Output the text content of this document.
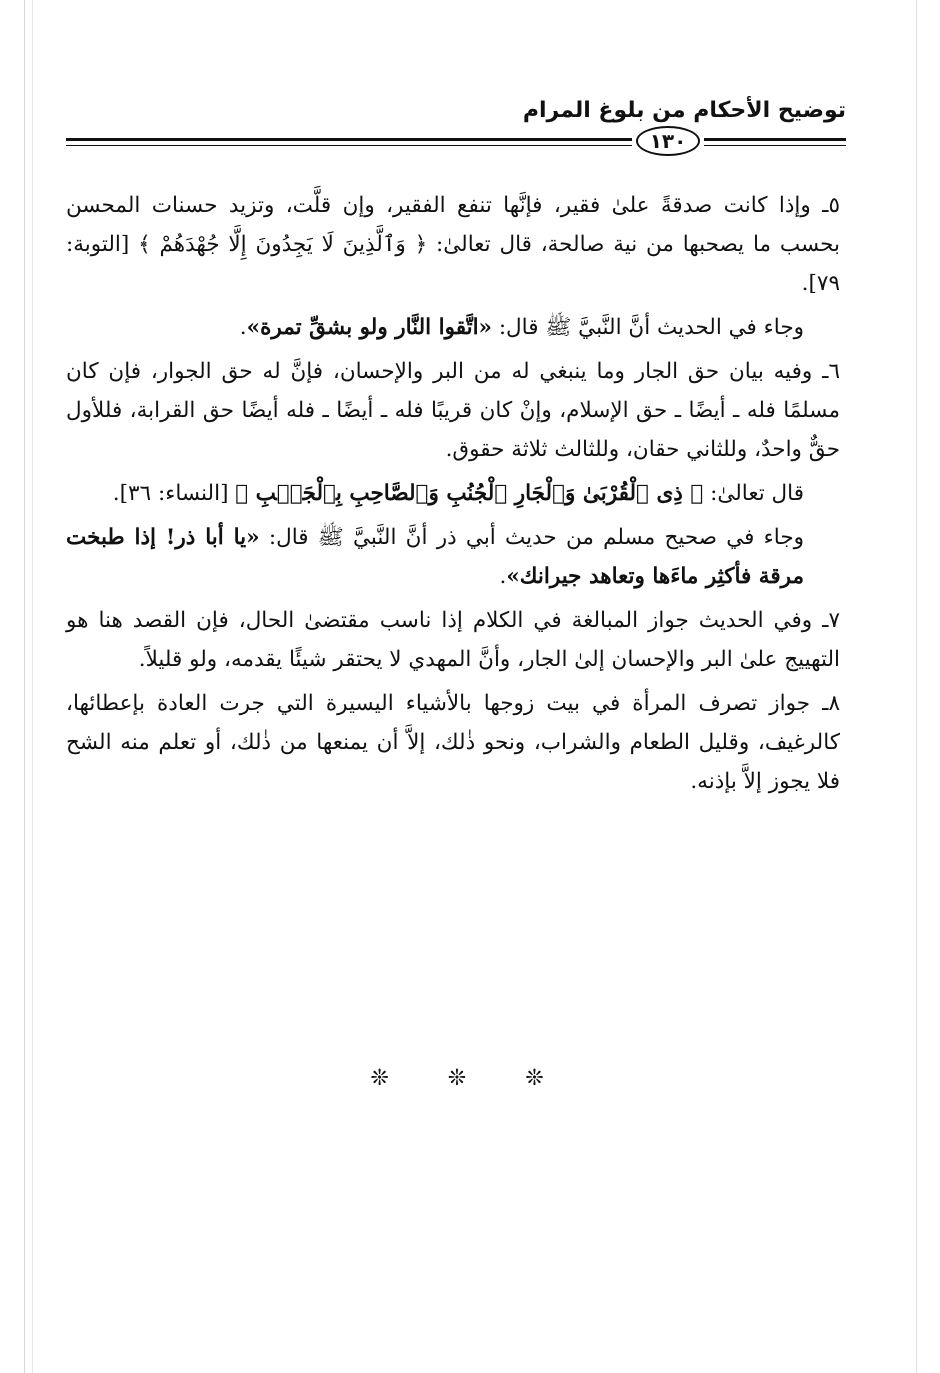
توضيح الأحكام من بلوغ المرام
١٣٠

٥ـ وإذا كانت صدقةً علىٰ فقير، فإنَّها تنفع الفقير، وإن قلَّت، وتزيد حسنات المحسن بحسب ما يصحبها من نية صالحة، قال تعالىٰ: ﴿ وَٱلَّذِينَ لَا يَجِدُونَ إِلَّا جُهْدَهُمْ ﴾ [التوبة: ٧٩].

وجاء في الحديث أنَّ النَّبيَّ ﷺ قال: «اتَّقوا النَّار ولو بشقِّ تمرة».

٦ـ وفيه بيان حق الجار وما ينبغي له من البر والإحسان، فإنَّ له حق الجوار، فإن كان مسلمًا فله ـ أيضًا ـ حق الإسلام، وإنْ كان قريبًا فله ـ أيضًا ـ فله أيضًا حق القرابة، فللأول حقٌّ واحدٌ، وللثاني حقان، وللثالث ثلاثة حقوق.

قال تعالىٰ: ﴿ ذِى ٱلْقُرْبَىٰ وَٱلْجَارِ ٱلْجُنُبِ وَٱلصَّاحِبِ بِٱلْجَنۢبِ ﴾ [النساء: ٣٦].

وجاء في صحيح مسلم من حديث أبي ذر أنَّ النَّبيَّ ﷺ قال: «يا أبا ذر! إذا طبخت مرقة فأكثِر ماءَها وتعاهد جيرانك».

٧ـ وفي الحديث جواز المبالغة في الكلام إذا ناسب مقتضىٰ الحال، فإن القصد هنا هو التهييج علىٰ البر والإحسان إلىٰ الجار، وأنَّ المهدي لا يحتقر شيئًا يقدمه، ولو قليلاً.

٨ـ جواز تصرف المرأة في بيت زوجها بالأشياء اليسيرة التي جرت العادة بإعطائها، كالرغيف، وقليل الطعام والشراب، ونحو ذٰلك، إلاَّ أن يمنعها من ذٰلك، أو تعلم منه الشح فلا يجوز إلاَّ بإذنه.

❊ ❊ ❊
